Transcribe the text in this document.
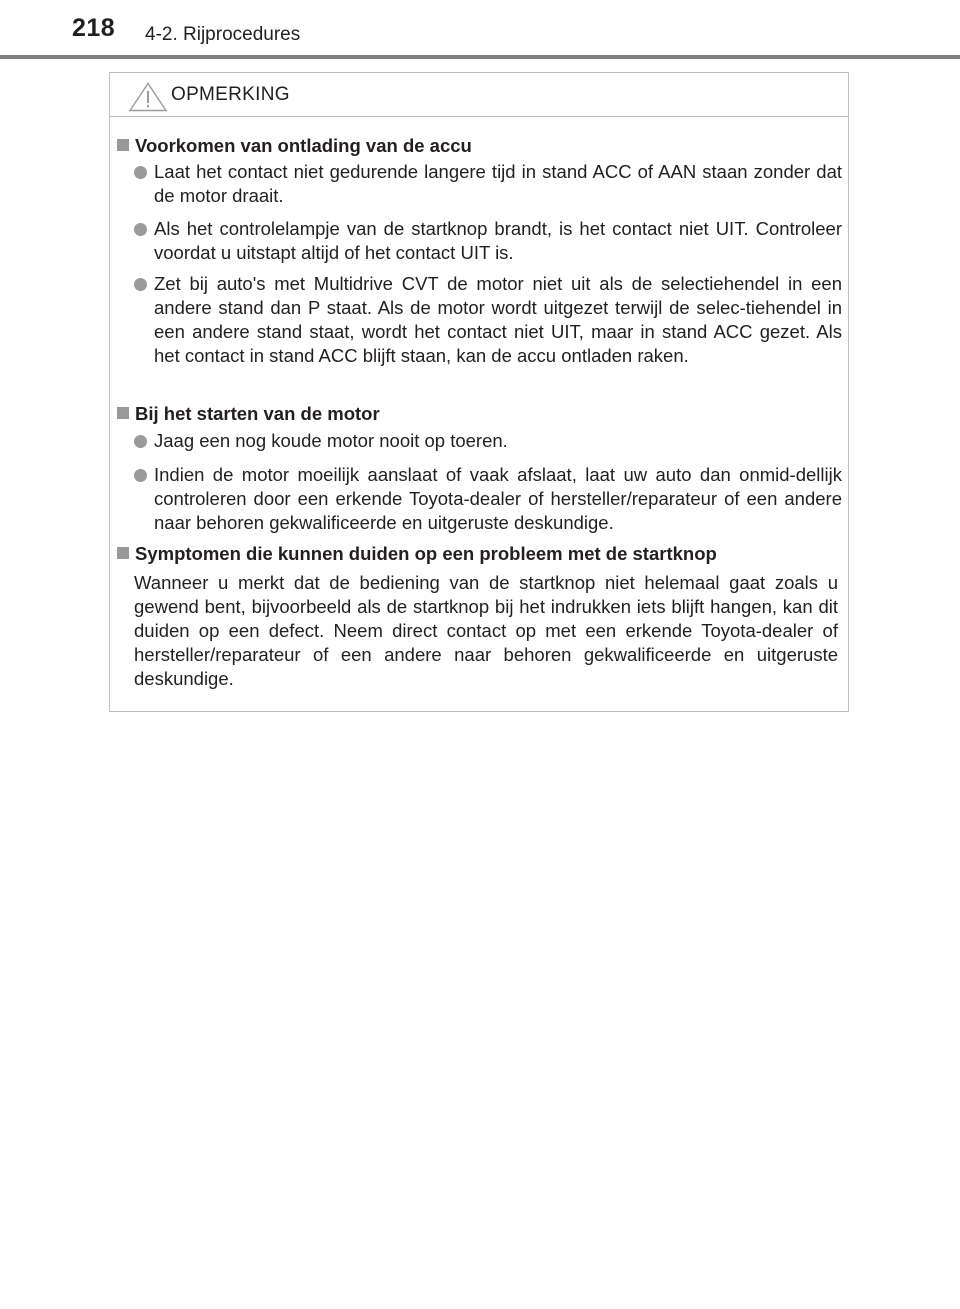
218 4-2. Rijprocedures
OPMERKING
Voorkomen van ontlading van de accu
Laat het contact niet gedurende langere tijd in stand ACC of AAN staan zonder dat de motor draait.
Als het controlelampje van de startknop brandt, is het contact niet UIT. Controleer voordat u uitstapt altijd of het contact UIT is.
Zet bij auto's met Multidrive CVT de motor niet uit als de selectiehendel in een andere stand dan P staat. Als de motor wordt uitgezet terwijl de selec-tiehendel in een andere stand staat, wordt het contact niet UIT, maar in stand ACC gezet. Als het contact in stand ACC blijft staan, kan de accu ontladen raken.
Bij het starten van de motor
Jaag een nog koude motor nooit op toeren.
Indien de motor moeilijk aanslaat of vaak afslaat, laat uw auto dan onmid-dellijk controleren door een erkende Toyota-dealer of hersteller/reparateur of een andere naar behoren gekwalificeerde en uitgeruste deskundige.
Symptomen die kunnen duiden op een probleem met de startknop
Wanneer u merkt dat de bediening van de startknop niet helemaal gaat zoals u gewend bent, bijvoorbeeld als de startknop bij het indrukken iets blijft hangen, kan dit duiden op een defect. Neem direct contact op met een erkende Toyota-dealer of hersteller/reparateur of een andere naar behoren gekwalificeerde en uitgeruste deskundige.
